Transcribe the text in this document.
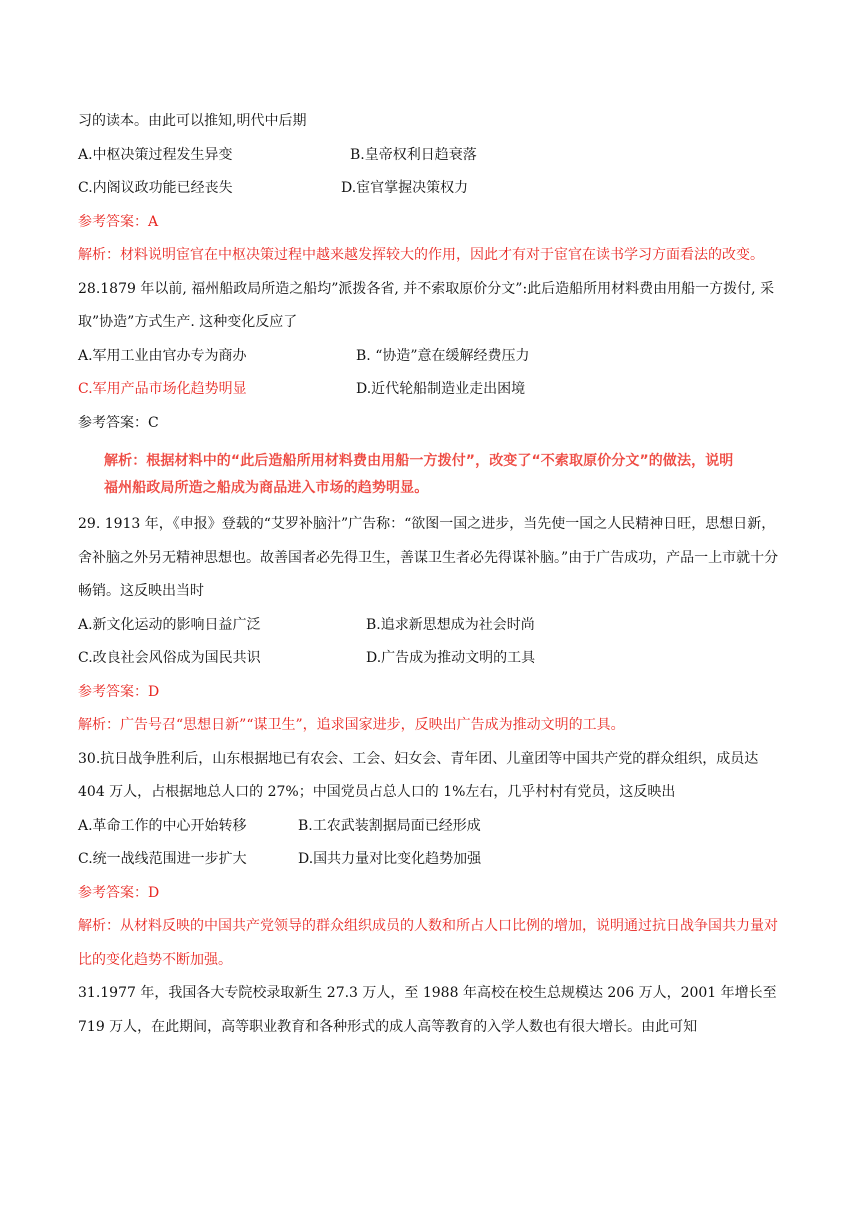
习的读本。由此可以推知,明代中后期
A.中枢决策过程发生异变	B.皇帝权利日趋衰落
C.内阁议政功能已经丧失	D.宦官掌握决策权力
参考答案：A
解析：材料说明宦官在中枢决策过程中越来越发挥较大的作用，因此才有对于宦官在读书学习方面看法的改变。
28.1879 年以前, 福州船政局所造之船均”派拨各省, 并不索取原价分文”:此后造船所用材料费由用船一方拨付, 采取”协造”方式生产. 这种变化反应了
A.军用工业由官办专为商办	B. “协造”意在缓解经费压力
C.军用产品市场化趋势明显	D.近代轮船制造业走出困境
参考答案：C
解析：根据材料中的“此后造船所用材料费由用船一方拨付”，改变了“不索取原价分文”的做法，说明
福州船政局所造之船成为商品进入市场的趋势明显。
29. 1913 年，《申报》登载的“艾罗补脑汁”广告称：“欲图一国之进步，当先使一国之人民精神日旺，思想日新，舍补脑之外另无精神思想也。故善国者必先得卫生，善谋卫生者必先得谋补脑。”由于广告成功，产品一上市就十分畅销。这反映出当时
A.新文化运动的影响日益广泛	B.追求新思想成为社会时尚
C.改良社会风俗成为国民共识	D.广告成为推动文明的工具
参考答案：D
解析：广告号召“思想日新”“谋卫生”，追求国家进步，反映出广告成为推动文明的工具。
30.抗日战争胜利后，山东根据地已有农会、工会、妇女会、青年团、儿童团等中国共产党的群众组织，成员达 404 万人，占根据地总人口的 27%；中国党员占总人口的 1%左右，几乎村村有党员，这反映出
A.革命工作的中心开始转移	B.工农武装割据局面已经形成
C.统一战线范围进一步扩大	D.国共力量对比变化趋势加强
参考答案：D
解析：从材料反映的中国共产党领导的群众组织成员的人数和所占人口比例的增加，说明通过抗日战争国共力量对比的变化趋势不断加强。
31.1977 年，我国各大专院校录取新生 27.3 万人，至 1988 年高校在校生总规模达 206 万人，2001 年增长至 719 万人，在此期间，高等职业教育和各种形式的成人高等教育的入学人数也有很大增长。由此可知
